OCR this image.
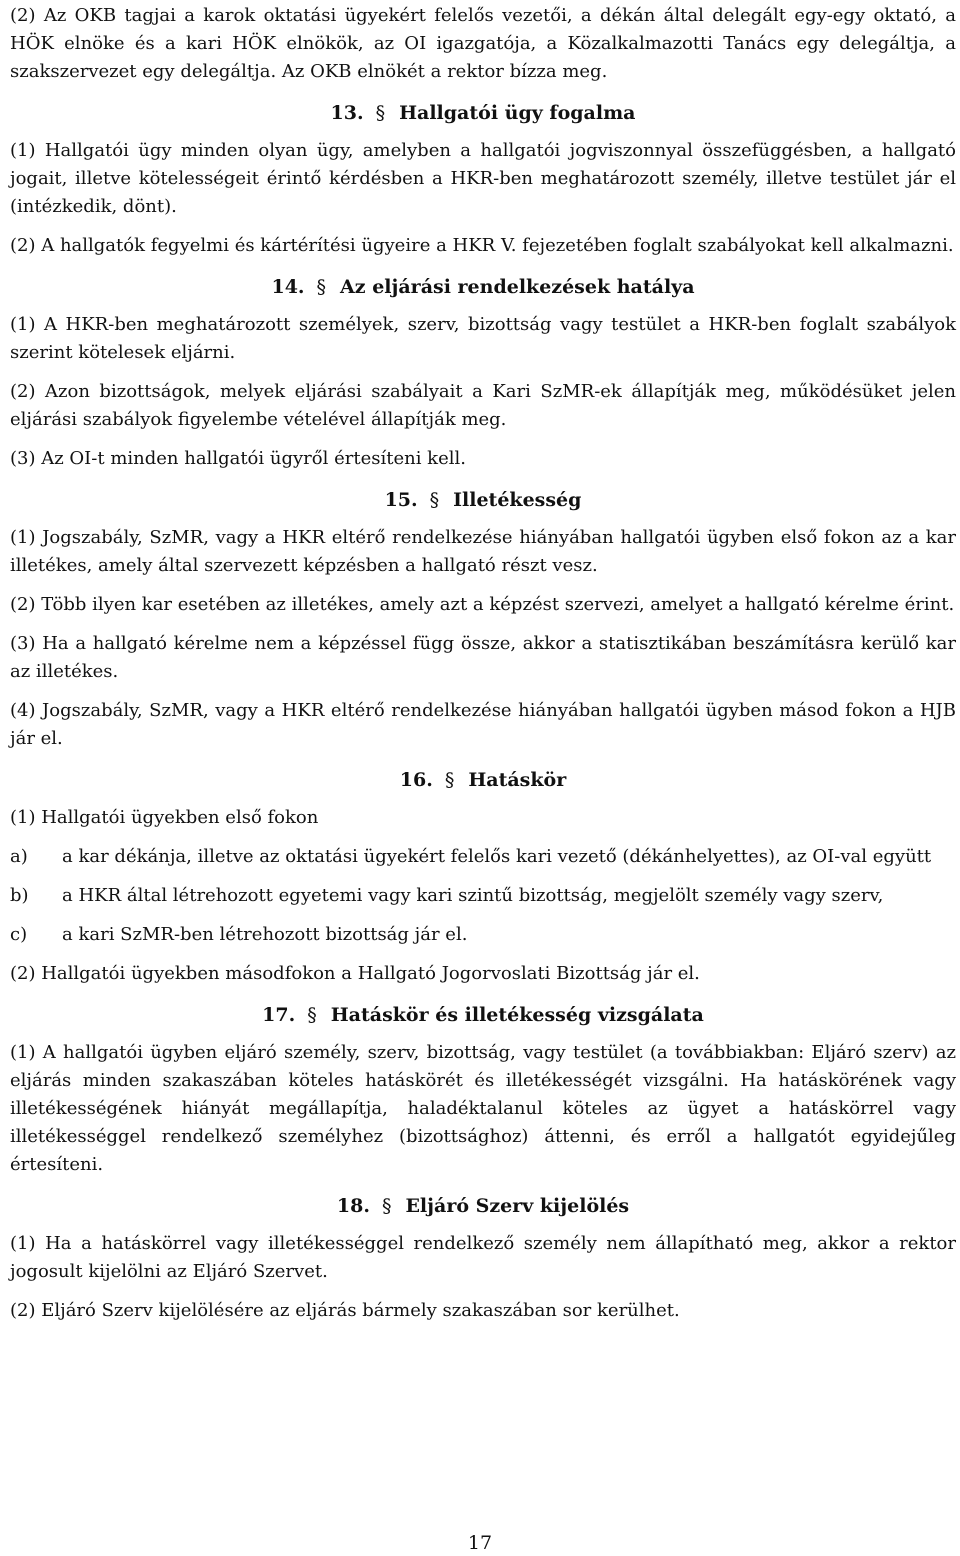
(2) Az OKB tagjai a karok oktatási ügyekért felelős vezetői, a dékán által delegált egy-egy oktató, a HÖK elnöke és a kari HÖK elnökök, az OI igazgatója, a Közalkalmazotti Tanács egy delegáltja, a szakszervezet egy delegáltja. Az OKB elnökét a rektor bízza meg.

13. § Hallgatói ügy fogalma

(1) Hallgatói ügy minden olyan ügy, amelyben a hallgatói jogviszonnyal összefüggésben, a hallgató jogait, illetve kötelességeit érintő kérdésben a HKR-ben meghatározott személy, illetve testület jár el (intézkedik, dönt).

(2) A hallgatók fegyelmi és kártérítési ügyeire a HKR V. fejezetében foglalt szabályokat kell alkalmazni.

14. § Az eljárási rendelkezések hatálya

(1) A HKR-ben meghatározott személyek, szerv, bizottság vagy testület a HKR-ben foglalt szabályok szerint kötelesek eljárni.

(2) Azon bizottságok, melyek eljárási szabályait a Kari SzMR-ek állapítják meg, működésüket jelen eljárási szabályok figyelembe vételével állapítják meg.

(3) Az OI-t minden hallgatói ügyről értesíteni kell.

15. § Illetékesség

(1) Jogszabály, SzMR, vagy a HKR eltérő rendelkezése hiányában hallgatói ügyben első fokon az a kar illetékes, amely által szervezett képzésben a hallgató részt vesz.

(2) Több ilyen kar esetében az illetékes, amely azt a képzést szervezi, amelyet a hallgató kérelme érint.

(3) Ha a hallgató kérelme nem a képzéssel függ össze, akkor a statisztikában beszámításra kerülő kar az illetékes.

(4) Jogszabály, SzMR, vagy a HKR eltérő rendelkezése hiányában hallgatói ügyben másod fokon a HJB jár el.

16. § Hatáskör

(1) Hallgatói ügyekben első fokon

a)	a kar dékánja, illetve az oktatási ügyekért felelős kari vezető (dékánhelyettes), az OI-val együtt
b)	a HKR által létrehozott egyetemi vagy kari szintű bizottság, megjelölt személy vagy szerv,
c)	a kari SzMR-ben létrehozott bizottság jár el.

(2) Hallgatói ügyekben másodfokon a Hallgató Jogorvoslati Bizottság jár el.

17. § Hatáskör és illetékesség vizsgálata

(1) A hallgatói ügyben eljáró személy, szerv, bizottság, vagy testület (a továbbiakban: Eljáró szerv) az eljárás minden szakaszában köteles hatáskörét és illetékességét vizsgálni. Ha hatáskörének vagy illetékességének hiányát megállapítja, haladéktalanul köteles az ügyet a hatáskörrel vagy illetékességgel rendelkező személyhez (bizottsághoz) áttenni, és erről a hallgatót egyidejűleg értesíteni.

18. § Eljáró Szerv kijelölés

(1) Ha a hatáskörrel vagy illetékességgel rendelkező személy nem állapítható meg, akkor a rektor jogosult kijelölni az Eljáró Szervet.

(2) Eljáró Szerv kijelölésére az eljárás bármely szakaszában sor kerülhet.

17
